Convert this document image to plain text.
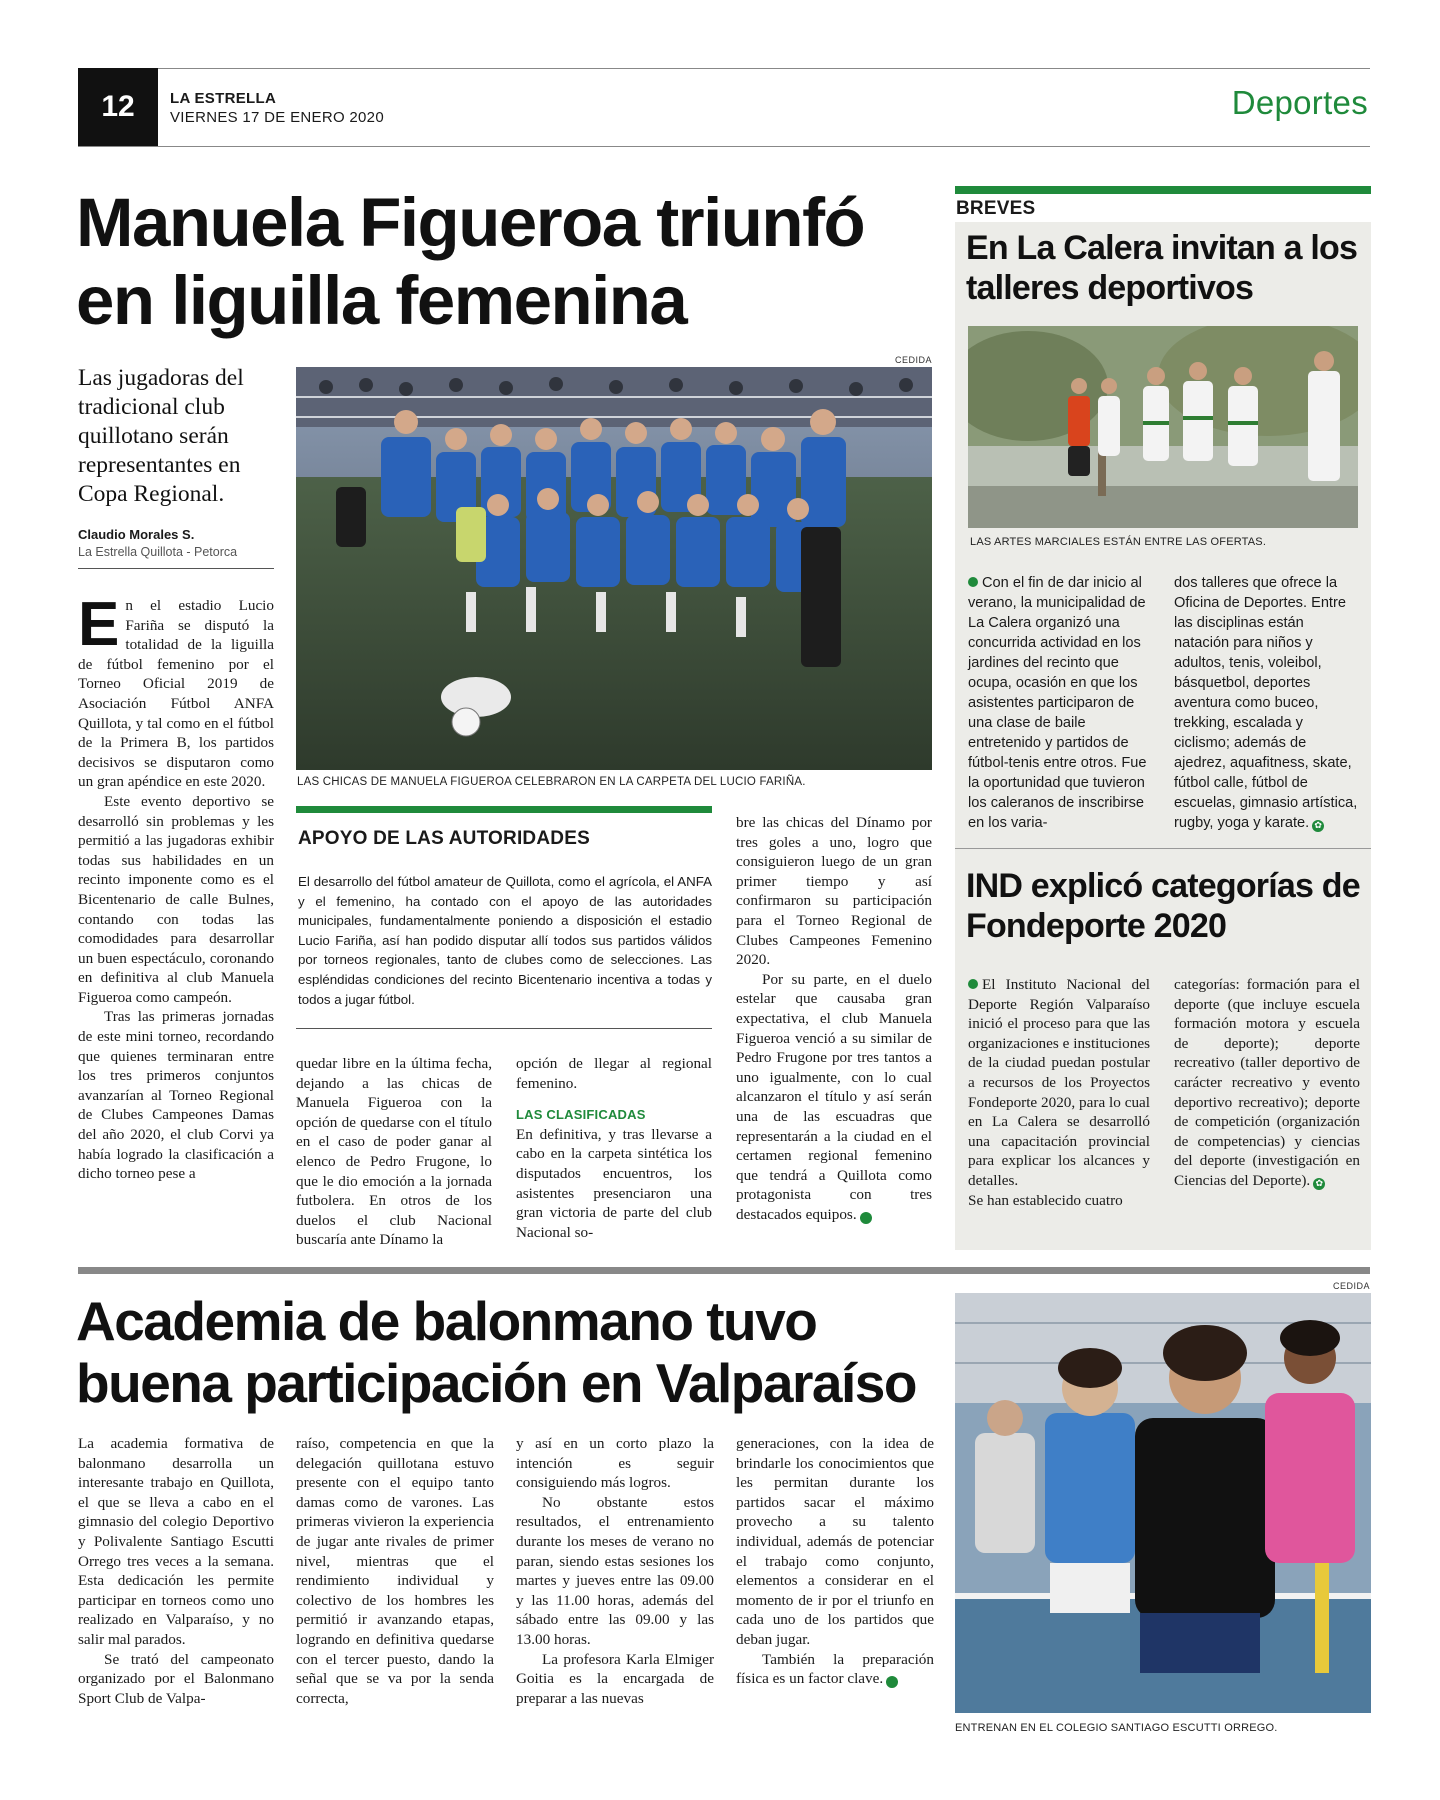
12	LA ESTRELLA
VIERNES 17 DE ENERO 2020	Deportes
Manuela Figueroa triunfó en liguilla femenina
Las jugadoras del tradicional club quillotano serán representantes en Copa Regional.
Claudio Morales S.
La Estrella Quillota - Petorca
CEDIDA
LAS CHICAS DE MANUELA FIGUEROA CELEBRARON EN LA CARPETA DEL LUCIO FARIÑA.

En el estadio Lucio Fariña se disputó la totalidad de la liguilla de fútbol femenino por el Torneo Oficial 2019 de Asociación Fútbol ANFA Quillota, y tal como en el fútbol de la Primera B, los partidos decisivos se disputaron como un gran apéndice en este 2020.

Este evento deportivo se desarrolló sin problemas y les permitió a las jugadoras exhibir todas sus habilidades en un recinto imponente como es el Bicentenario de calle Bulnes, contando con todas las comodidades para desarrollar un buen espectáculo, coronando en definitiva al club Manuela Figueroa como campeón.

Tras las primeras jornadas de este mini torneo, recordando que quienes terminaran entre los tres primeros conjuntos avanzarían al Torneo Regional de Clubes Campeones Damas del año 2020, el club Corvi ya había logrado la clasificación a dicho torneo pese a

APOYO DE LAS AUTORIDADES
El desarrollo del fútbol amateur de Quillota, como el agrícola, el ANFA y el femenino, ha contado con el apoyo de las autoridades municipales, fundamentalmente poniendo a disposición el estadio Lucio Fariña, así han podido disputar allí todos sus partidos válidos por torneos regionales, tanto de clubes como de selecciones. Las espléndidas condiciones del recinto Bicentenario incentiva a todas y todos a jugar fútbol.

quedar libre en la última fecha, dejando a las chicas de Manuela Figueroa con la opción de quedarse con el título en el caso de poder ganar al elenco de Pedro Frugone, lo que le dio emoción a la jornada futbolera. En otros de los duelos el club Nacional buscaría ante Dínamo la

opción de llegar al regional femenino.

LAS CLASIFICADAS

En definitiva, y tras llevarse a cabo en la carpeta sintética los disputados encuentros, los asistentes presenciaron una gran victoria de parte del club Nacional so-

bre las chicas del Dínamo por tres goles a uno, logro que consiguieron luego de un gran primer tiempo y así confirmaron su participación para el Torneo Regional de Clubes Campeones Femenino 2020.

Por su parte, en el duelo estelar que causaba gran expectativa, el club Manuela Figueroa venció a su similar de Pedro Frugone por tres tantos a uno igualmente, con lo cual alcanzaron el título y así serán una de las escuadras que representarán a la ciudad en el certamen regional femenino que tendrá a Quillota como protagonista con tres destacados equipos.	✿

BREVES
En La Calera invitan a los talleres deportivos
LAS ARTES MARCIALES ESTÁN ENTRE LAS OFERTAS.
Con el fin de dar inicio al verano, la municipalidad de La Calera organizó una concurrida actividad en los jardines del recinto que ocupa, ocasión en que los asistentes participaron de una clase de baile entretenido y partidos de fútbol-tenis entre otros. Fue la oportunidad que tuvieron los caleranos de inscribirse en los varia-
dos talleres que ofrece la Oficina de Deportes. Entre las disciplinas están natación para niños y adultos, tenis, voleibol, básquetbol, deportes aventura como buceo, trekking, escalada y ciclismo; además de ajedrez, aquafitness, skate, fútbol calle, fútbol de escuelas, gimnasio artística, rugby, yoga y karate. ✿
IND explicó categorías de Fondeporte 2020

El Instituto Nacional del Deporte Región Valparaíso inició el proceso para que las organizaciones e instituciones de la ciudad puedan postular a recursos de los Proyectos Fondeporte 2020, para lo cual en La Calera se desarrolló una capacitación provincial para explicar los alcances y detalles.

Se han establecido cuatro

categorías: formación para el deporte (que incluye escuela formación motora y escuela de deporte); deporte recreativo (taller deportivo de carácter recreativo y evento deportivo recreativo); deporte de competición (organización de competencias) y ciencias del deporte (investigación en Ciencias del Deporte). ✿

Academia de balonmano tuvo buena participación en Valparaíso
CEDIDA
ENTRENAN EN EL COLEGIO SANTIAGO ESCUTTI ORREGO.

La academia formativa de balonmano desarrolla un interesante trabajo en Quillota, el que se lleva a cabo en el gimnasio del colegio Deportivo y Polivalente Santiago Escutti Orrego tres veces a la semana. Esta dedicación les permite participar en torneos como uno realizado en Valparaíso, y no salir mal parados.

Se trató del campeonato organizado por el Balonmano Sport Club de Valpa-

raíso, competencia en que la delegación quillotana estuvo presente con el equipo tanto damas como de varones. Las primeras vivieron la experiencia de jugar ante rivales de primer nivel, mientras que el rendimiento individual y colectivo de los hombres les permitió ir avanzando etapas, logrando en definitiva quedarse con el tercer puesto, dando la señal que se va por la senda correcta,

y así en un corto plazo la intención es seguir consiguiendo más logros.

No obstante estos resultados, el entrenamiento durante los meses de verano no paran, siendo estas sesiones los martes y jueves entre las 09.00 y las 11.00 horas, además del sábado entre las 09.00 y las 13.00 horas.

La profesora Karla Elmiger Goitia es la encargada de preparar a las nuevas

generaciones, con la idea de brindarle los conocimientos que les permitan durante los partidos sacar el máximo provecho a su talento individual, además de potenciar el trabajo como conjunto, elementos a considerar en el momento de ir por el triunfo en cada uno de los partidos que deban jugar.

También la preparación física es un factor clave.	✿
